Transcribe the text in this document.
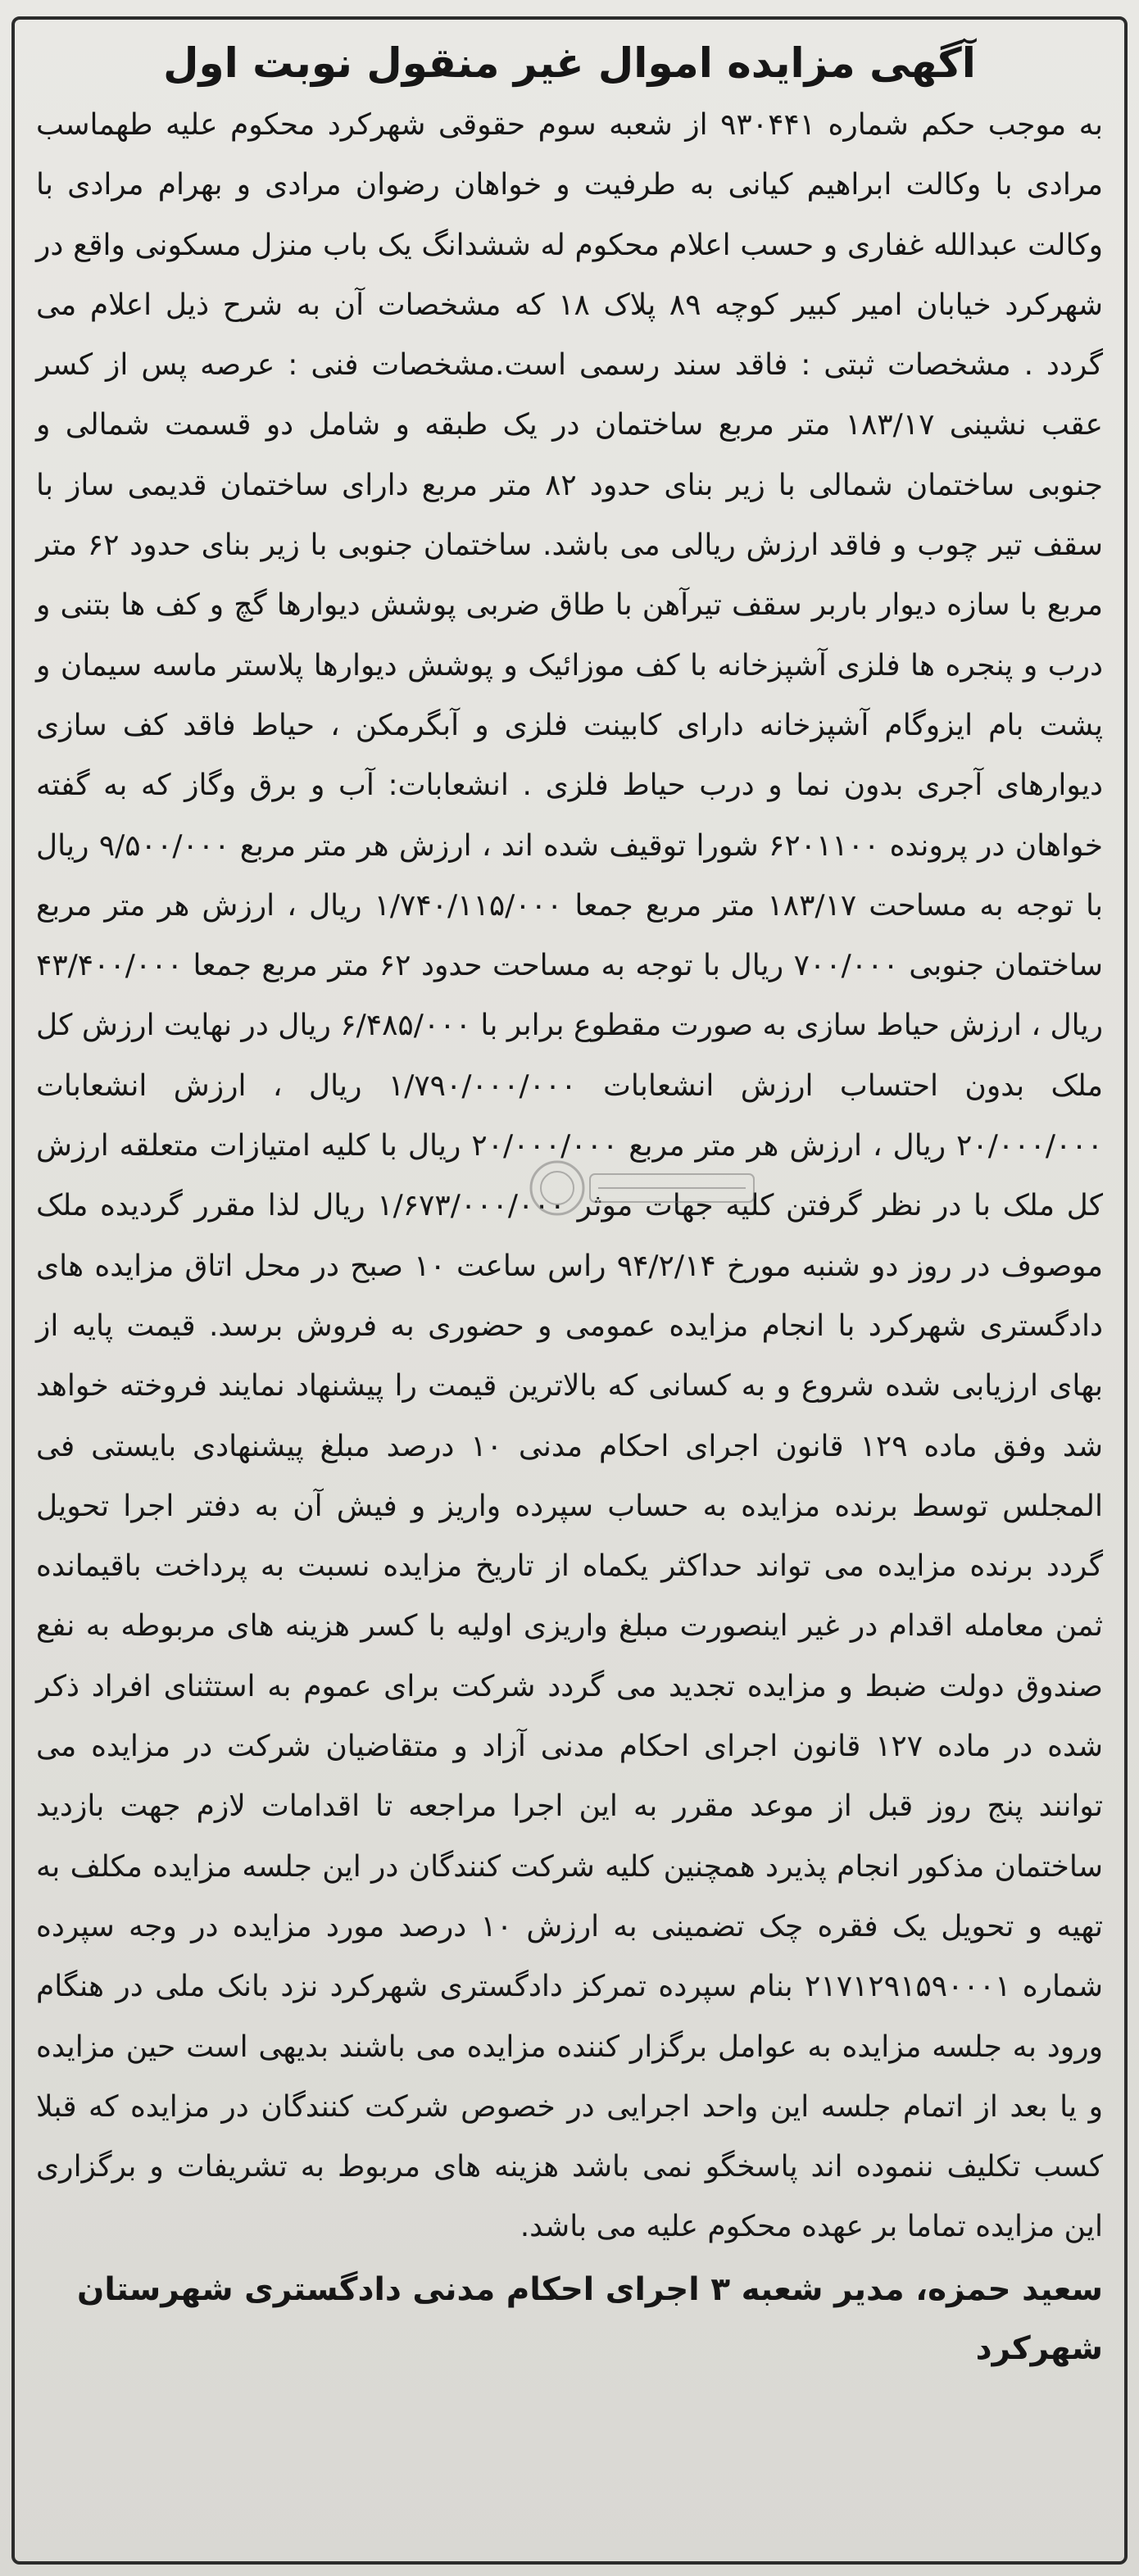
آگهی مزایده اموال غیر منقول نوبت اول

به موجب حکم شماره ۹۳۰۴۴۱ از شعبه سوم حقوقی شهرکرد محکوم علیه طهماسب مرادی با وکالت ابراهیم کیانی به طرفیت و خواهان رضوان مرادی و بهرام مرادی با وکالت عبدالله غفاری و حسب اعلام محکوم له ششدانگ یک باب منزل مسکونی واقع در شهرکرد خیابان امیر کبیر کوچه ۸۹ پلاک ۱۸ که مشخصات آن به شرح ذیل اعلام می گردد . مشخصات ثبتی : فاقد سند رسمی است.مشخصات فنی : عرصه پس از کسر عقب نشینی ۱۸۳/۱۷ متر مربع ساختمان در یک طبقه و شامل دو قسمت شمالی و جنوبی ساختمان شمالی با زیر بنای حدود ۸۲ متر مربع دارای ساختمان قدیمی ساز با سقف تیر چوب و فاقد ارزش ریالی می باشد. ساختمان جنوبی با زیر بنای حدود ۶۲ متر مربع با سازه دیوار باربر سقف تیرآهن با طاق ضربی پوشش دیوارها گچ و کف ها بتنی و درب و پنجره ها فلزی آشپزخانه با کف موزائیک و پوشش دیوارها پلاستر ماسه سیمان و پشت بام ایزوگام آشپزخانه دارای کابینت فلزی و آبگرمکن ، حیاط فاقد کف سازی دیوارهای آجری بدون نما و درب حیاط فلزی . انشعابات: آب و برق وگاز که به گفته خواهان در پرونده ۶۲۰۱۱۰۰ شورا توقیف شده اند ، ارزش هر متر مربع ۹/۵۰۰/۰۰۰ ریال با توجه به مساحت ۱۸۳/۱۷ متر مربع جمعا ۱/۷۴۰/۱۱۵/۰۰۰ ریال ، ارزش هر متر مربع ساختمان جنوبی ۷۰۰/۰۰۰ ریال با توجه به مساحت حدود ۶۲ متر مربع جمعا ۴۳/۴۰۰/۰۰۰ ریال ، ارزش حیاط سازی به صورت مقطوع برابر با ۶/۴۸۵/۰۰۰ ریال در نهایت ارزش کل ملک بدون احتساب ارزش انشعابات ۱/۷۹۰/۰۰۰/۰۰۰ ریال ، ارزش انشعابات ۲۰/۰۰۰/۰۰۰ ریال ، ارزش هر متر مربع ۲۰/۰۰۰/۰۰۰ ریال با کلیه امتیازات متعلقه ارزش کل ملک با در نظر گرفتن کلیه جهات موثر ۱/۶۷۳/۰۰۰/۰۰۰ ریال لذا مقرر گردیده ملک موصوف در روز دو شنبه مورخ ۹۴/۲/۱۴ راس ساعت ۱۰ صبح در محل اتاق مزایده های دادگستری شهرکرد با انجام مزایده عمومی و حضوری به فروش برسد. قیمت پایه از بهای ارزیابی شده شروع و به کسانی که بالاترین قیمت را پیشنهاد نمایند فروخته خواهد شد وفق ماده ۱۲۹ قانون اجرای احکام مدنی ۱۰ درصد مبلغ پیشنهادی بایستی فی المجلس توسط برنده مزایده به حساب سپرده واریز و فیش آن به دفتر اجرا تحویل گردد برنده مزایده می تواند حداکثر یکماه از تاریخ مزایده نسبت به پرداخت باقیمانده ثمن معامله اقدام در غیر اینصورت مبلغ واریزی اولیه با کسر هزینه های مربوطه به نفع صندوق دولت ضبط و مزایده تجدید می گردد شرکت برای عموم به استثنای افراد ذکر شده در ماده ۱۲۷ قانون اجرای احکام مدنی آزاد و متقاضیان شرکت در مزایده می توانند پنج روز قبل از موعد مقرر به این اجرا مراجعه تا اقدامات لازم جهت بازدید ساختمان مذکور انجام پذیرد همچنین کلیه شرکت کنندگان در این جلسه مزایده مکلف به تهیه و تحویل یک فقره چک تضمینی به ارزش ۱۰ درصد مورد مزایده در وجه سپرده شماره ۲۱۷۱۲۹۱۵۹۰۰۰۱ بنام سپرده تمرکز دادگستری شهرکرد نزد بانک ملی در هنگام ورود به جلسه مزایده به عوامل برگزار کننده مزایده می باشند بدیهی است حین مزایده و یا بعد از اتمام جلسه این واحد اجرایی در خصوص شرکت کنندگان در مزایده که قبلا کسب تکلیف ننموده اند پاسخگو نمی باشد هزینه های مربوط به تشریفات و برگزاری این مزایده تماما بر عهده محکوم علیه می باشد.

سعید حمزه، مدیر شعبه ۳ اجرای احکام مدنی دادگستری شهرستان شهرکرد
